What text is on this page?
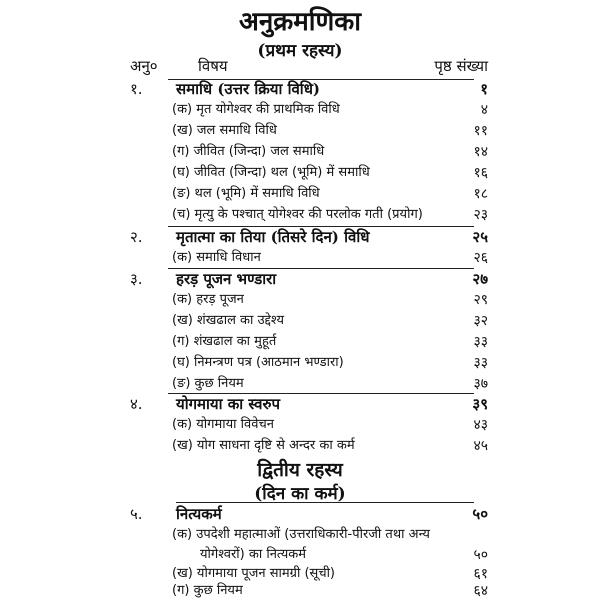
अनुक्रमणिका
(प्रथम रहस्य)
अनु०	विषय	पृष्ठ संख्या
१. समाधि (उत्तर क्रिया विधि)	१
(क) मृत योगेश्वर की प्राथमिक विधि	४
(ख) जल समाधि विधि	११
(ग) जीवित (जिन्दा) जल समाधि	१४
(घ) जीवित (जिन्दा) थल (भूमि) में समाधि	१६
(ङ) थल (भूमि) में समाधि विधि	१८
(च) मृत्यु के पश्चात् योगेश्वर की परलोक गती (प्रयोग)	२३
२. मृतात्मा का तिया (तिसरे दिन) विधि	२५
(क) समाधि विधान	२६
३. हरड़ पूजन भण्डारा	२७
(क) हरड़ पूजन	२९
(ख) शंखढाल का उद्देश्य	३२
(ग) शंखढाल का मुहूर्त	३३
(घ) निमन्त्रण पत्र (आठमान भण्डारा)	३३
(ङ) कुछ नियम	३७
४. योगमाया का स्वरुप	३९
(क) योगमाया विवेचन	४३
(ख) योग साधना दृष्टि से अन्दर का कर्म	४५
द्वितीय रहस्य
(दिन का कर्म)
५. नित्यकर्म	५०
(क) उपदेशी महात्माओं (उत्तराधिकारी-पीरजी तथा अन्य
योगेश्वरों) का नित्यकर्म	५०
(ख) योगमाया पूजन सामग्री (सूची)	६१
(ग) कुछ नियम	६४
